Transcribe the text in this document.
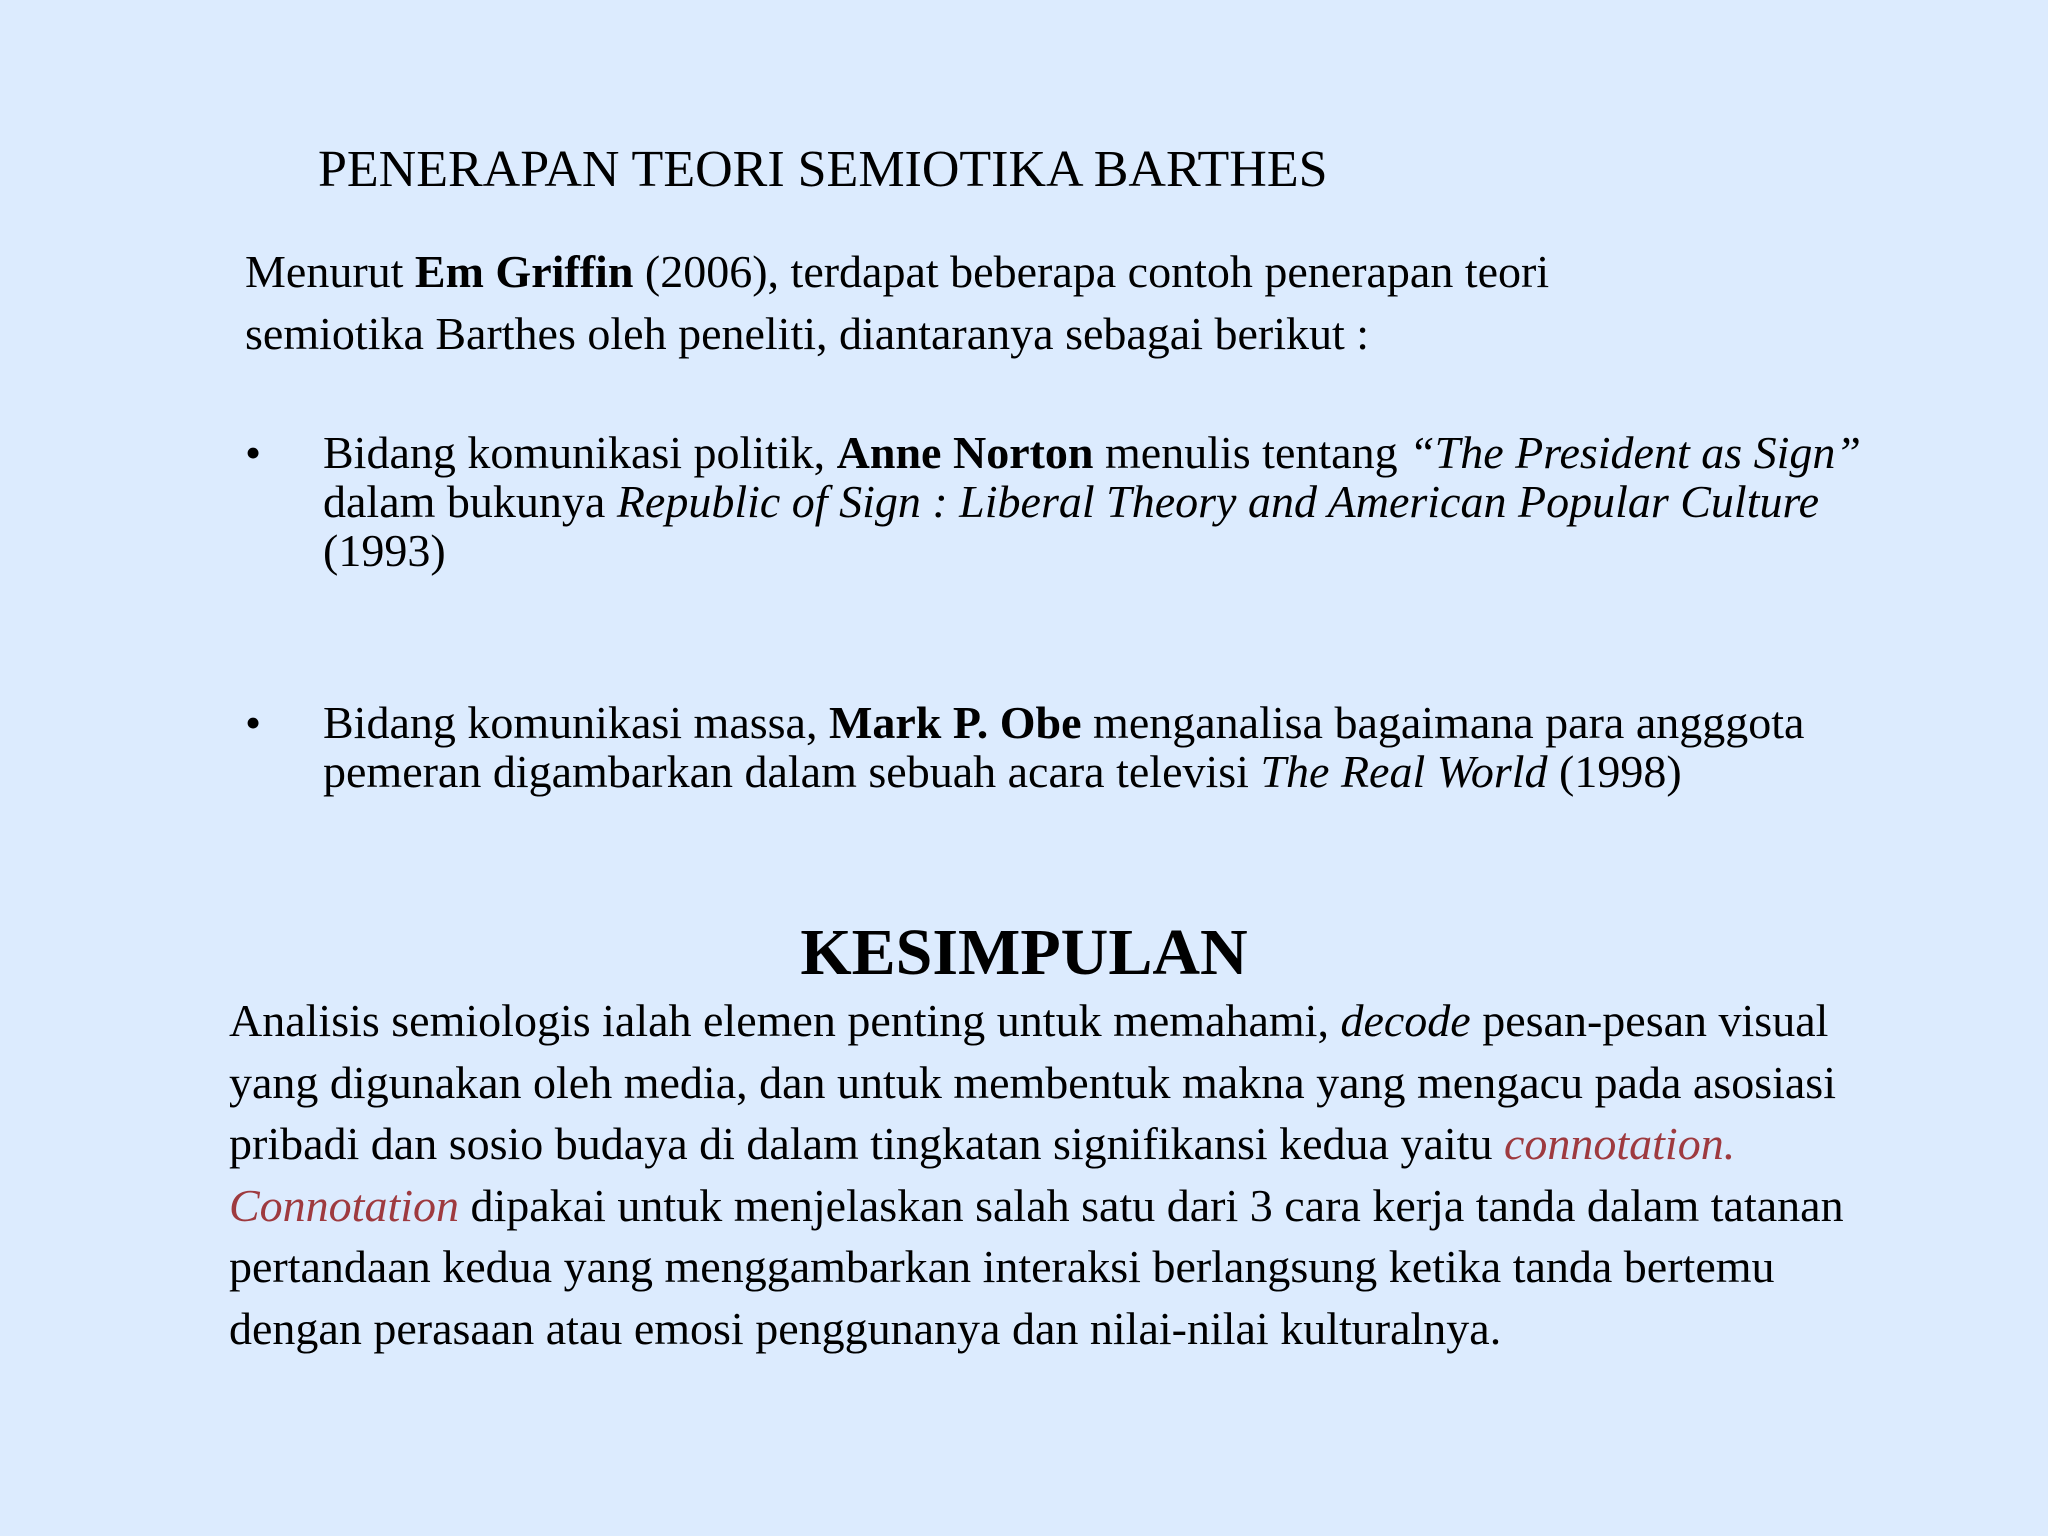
PENERAPAN TEORI SEMIOTIKA BARTHES
Menurut Em Griffin (2006), terdapat beberapa contoh penerapan teori
semiotika Barthes oleh peneliti, diantaranya sebagai berikut :
• Bidang komunikasi politik, Anne Norton menulis tentang “The President as Sign” dalam bukunya Republic of Sign : Liberal Theory and American Popular Culture (1993)
• Bidang komunikasi massa, Mark P. Obe menganalisa bagaimana para angggota pemeran digambarkan dalam sebuah acara televisi The Real World (1998)
KESIMPULAN
Analisis semiologis ialah elemen penting untuk memahami, decode pesan-pesan visual yang digunakan oleh media, dan untuk membentuk makna yang mengacu pada asosiasi pribadi dan sosio budaya di dalam tingkatan signifikansi kedua yaitu connotation. Connotation dipakai untuk menjelaskan salah satu dari 3 cara kerja tanda dalam tatanan pertandaan kedua yang menggambarkan interaksi berlangsung ketika tanda bertemu dengan perasaan atau emosi penggunanya dan nilai-nilai kulturalnya.
